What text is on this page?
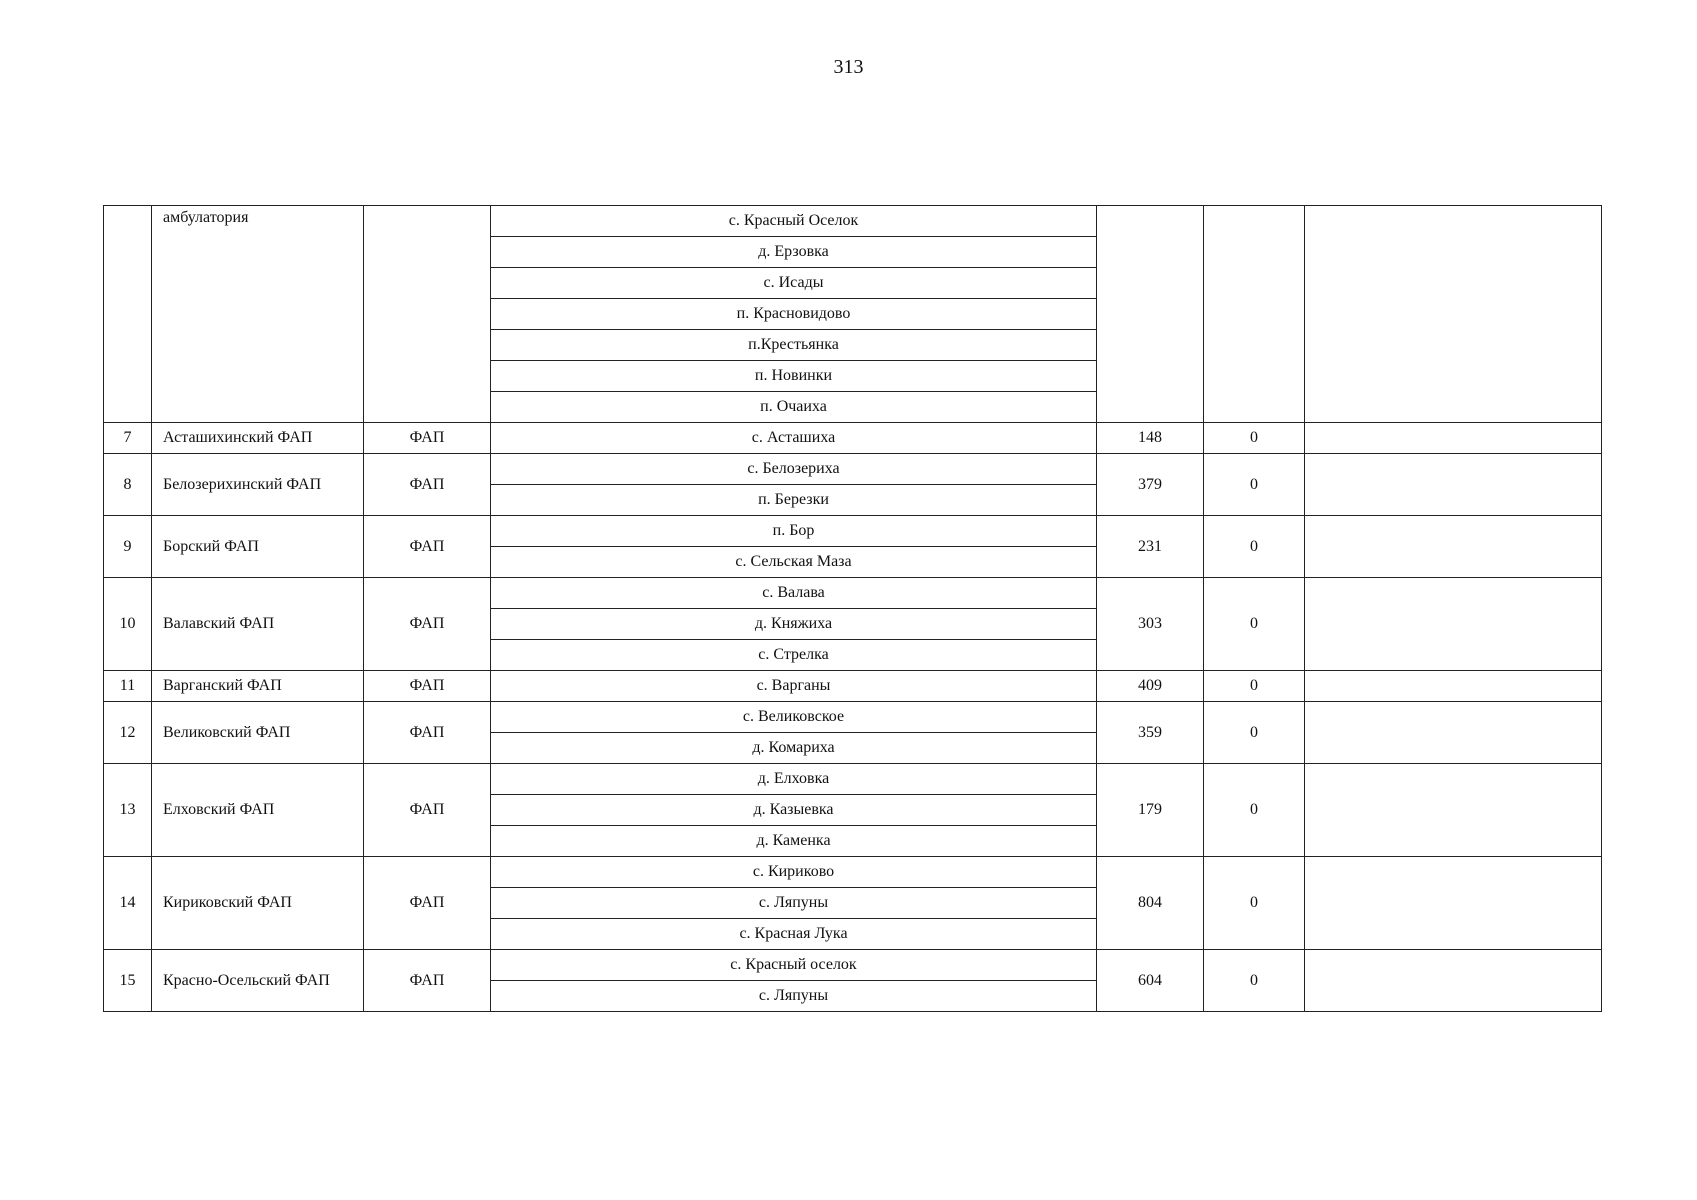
313
	амбулатория		с. Красный Оселок			
			д. Ерзовка			
			с. Исады			
			п. Красновидово			
			п.Крестьянка			
			п. Новинки			
			п. Очаиха			
7	Асташихинский ФАП	ФАП	с. Асташиха	148	0	
8	Белозерихинский ФАП	ФАП	с. Белозериха	379	0	
			п. Березки			
9	Борский ФАП	ФАП	п. Бор	231	0	
			с. Сельская Маза			
10	Валавский ФАП	ФАП	с. Валава	303	0	
			д. Княжиха			
			с. Стрелка			
11	Варганский ФАП	ФАП	с. Варганы	409	0	
12	Великовский ФАП	ФАП	с. Великовское	359	0	
			д. Комариха			
13	Елховский ФАП	ФАП	д. Елховка	179	0	
			д. Казыевка			
			д. Каменка			
14	Кириковский ФАП	ФАП	с. Кириково	804	0	
			с. Ляпуны			
			с. Красная Лука			
15	Красно-Осельский ФАП	ФАП	с. Красный оселок	604	0	
			с. Ляпуны			
